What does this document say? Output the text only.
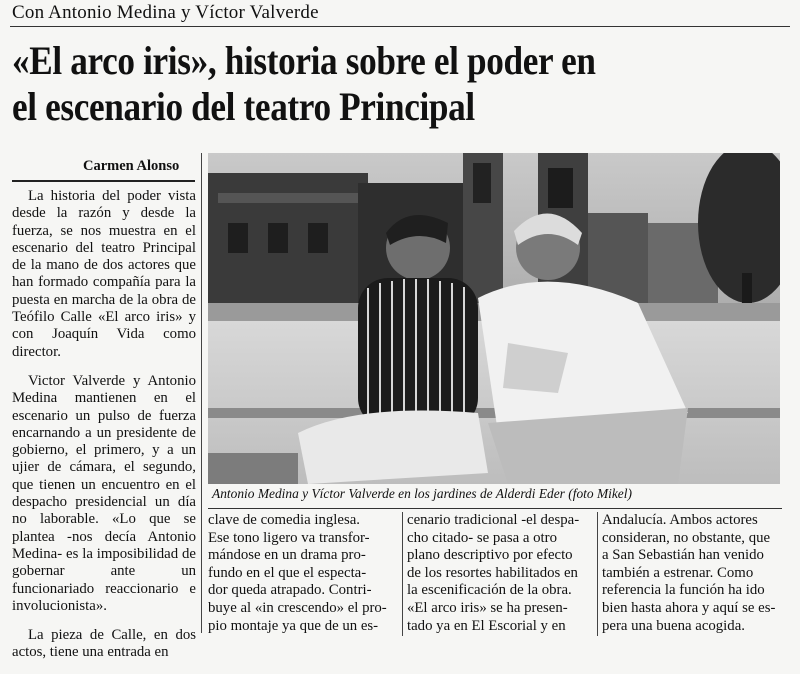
Con Antonio Medina y Víctor Valverde
«El arco iris», historia sobre el poder en
el escenario del teatro Principal
Carmen Alonso

La historia del poder vista desde la razón y desde la fuerza, se nos muestra en el escenario del teatro Principal de la mano de dos actores que han formado compañía para la puesta en marcha de la obra de Teófilo Calle «El arco iris» y con Joaquín Vida como director.

Victor Valverde y Antonio Medina mantienen en el escenario un pulso de fuerza encarnando a un presidente de gobierno, el primero, y a un ujier de cámara, el segundo, que tienen un encuentro en el despacho presidencial un día no laborable. «Lo que se plantea -nos decía Antonio Medina- es la imposibilidad de gobernar ante un funcionariado reaccionario e involucionista».

La pieza de Calle, en dos actos, tiene una entrada en

Antonio Medina y Víctor Valverde en los jardines de Alderdi Eder (foto Mikel)
clave de comedia inglesa.
Ese tono ligero va transfor-
mándose en un drama pro-
fundo en el que el especta-
dor queda atrapado. Contri-
buye al «in crescendo» el pro-
pio montaje ya que de un es-
cenario tradicional -el despa-
cho citado- se pasa a otro
plano descriptivo por efecto
de los resortes habilitados en
la escenificación de la obra.
«El arco iris» se ha presen-
tado ya en El Escorial y en
Andalucía. Ambos actores
consideran, no obstante, que
a San Sebastián han venido
también a estrenar. Como
referencia la función ha ido
bien hasta ahora y aquí se es-
pera una buena acogida.
